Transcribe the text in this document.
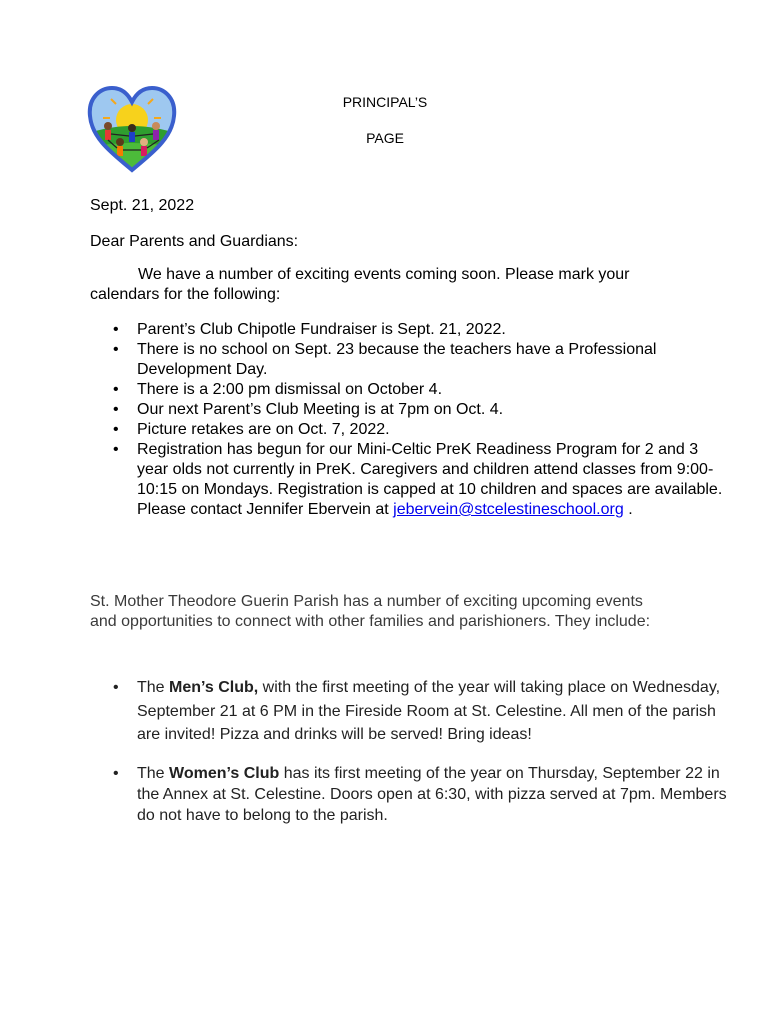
PRINCIPAL’S
PAGE
Sept. 21, 2022
Dear Parents and Guardians:

We have a number of exciting events coming soon. Please mark your calendars for the following:

• Parent’s Club Chipotle Fundraiser is Sept. 21, 2022.
• There is no school on Sept. 23 because the teachers have a Professional Development Day.
• There is a 2:00 pm dismissal on October 4.
• Our next Parent’s Club Meeting is at 7pm on Oct. 4.
• Picture retakes are on Oct. 7, 2022.
• Registration has begun for our Mini-Celtic PreK Readiness Program for 2 and 3 year olds not currently in PreK. Caregivers and children attend classes from 9:00-10:15 on Mondays. Registration is capped at 10 children and spaces are available. Please contact Jennifer Ebervein at jebervein@stcelestineschool.org .

St. Mother Theodore Guerin Parish has a number of exciting upcoming events and opportunities to connect with other families and parishioners. They include:

• The Men’s Club, with the first meeting of the year will taking place on Wednesday, September 21 at 6 PM in the Fireside Room at St. Celestine. All men of the parish are invited! Pizza and drinks will be served! Bring ideas!
• The Women’s Club has its first meeting of the year on Thursday, September 22 in the Annex at St. Celestine. Doors open at 6:30, with pizza served at 7pm. Members do not have to belong to the parish.
